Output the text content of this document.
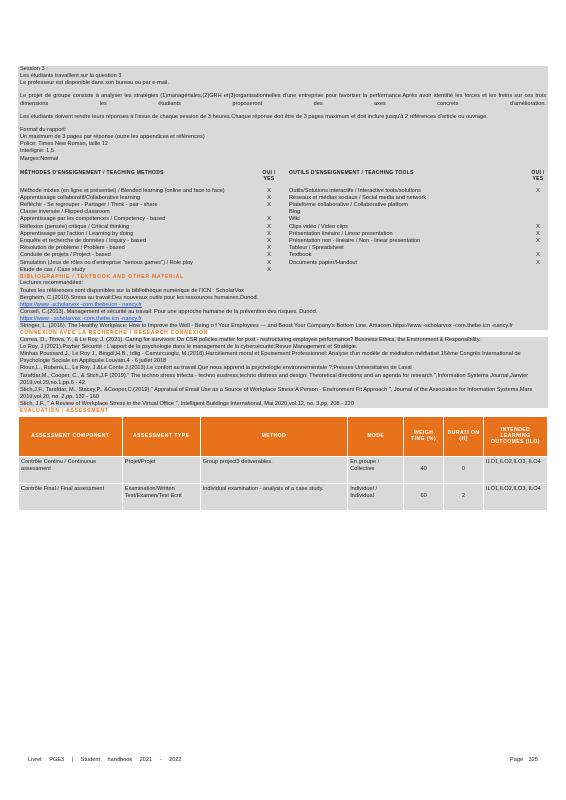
Session 3 :

Les étudiants travaillent sur la question 3

Le professeur est disponible dans son bureau ou par e-mail.

Le projet de groupe consiste à analyser les stratégies (1)managériales,(2)GRH et(3)organisationnelles d'une entreprise pour favoriser la performance.Après avoir identifié les forces et les freins sur ces trois dimensions les étudiants proposeront des axes concrets d'amélioration.

Les étudiants doivent rendre leurs réponses à l'issue de chaque session de 3 heures.Chaque réponse doit être de 3 pages maximum et doit inclure jusqu'à 2 références d'article ou ouvrage.

Format du rapport:

Un maximum de 3 pages par réponse (outre les appendices et références)

Police: Times New Roman, taille 12

Interligne: 1,5

Marges:Normal

MÉTHODES D'ENSEIGNEMENT / TEACHING METHODS	OUI / YES
Méthode mixtes (en ligne et présentiel) / Blended learning (online and face to face)	X
Apprentissage collaboratif/Collaborative learning	X
Réfléchir - Se regrouper - Partager / Think - pair - share	X
Classe inversée / Flipped classroom
Apprentissage par les compétences / Competency - based	X
Réflexion (pensée) critique / Critical thinking	X
Apprentissage par l'action / Learning by doing	X
Enquête et recherche de données / Inquiry - based	X
Résolution de problème / Problem - based	X
Conduite de projets / Project - based	X
Simulation (Jeux de rôles ou d'entreprise "serious games") / Role play	X
Etude de cas / Case study	X
OUTILS D'ENSEIGNEMENT / TEACHING TOOLS	OUI / YES
Outils/Solutions interactifs / Interactive tools/solutions	X
Réseaux et médias sociaux / Social media and network
Plateforme collaborative / Collaborative platform
Blog
Wiki
Clips vidéo / Video clips	X
Présentation linéaire / Linear presentation	X
Présentation non - linéaire / Non - linear presentation	X
Tableur / Spreadsheet
Textbook	X
Documents papier/Handout	X

BIBLIOGRAPHIE / TEXTBOOK AND OTHER MATERIAL

Lectures recommandées:

Toutes les références sont disponibles sur la bibliothèque numérique de l'ICN : ScholarVox

Bergheim, C.(2010).Stress au travail:Des nouveaux outils pour les ressources humaines.Dunod.

https://www -scholarvox -com.thebe.icn - nancy.fr

Conseil, C.(2013). Management et sécurité au travail: Pour une approche humaine de la prévention des risques. Dunod.

https://www - scholarvox -com.thebe.icn -nancy.fr

Stringer, L. (2016). The Healthy Workplace: How to Improve the Well - Being o f Your Employees --- and Boost Your Company's Bottom Line. Amacom.https://www -scholarvox -com.thebe.icn -nancy.fr

CONNEXION AVEC LA RECHERCHE / RESEARCH CONNEXION

Correa, D., Titova, Y., & Le Roy, J. (2021). Caring for survivors: Do CSR policies matter for post - restructuring employee performance? Business Ethics, the Environment & Responsibility.

Le Roy, J (2021).Psyber Sécurité : L'apport de la psychologie dans le management de la cybersécurité.Revue Management et Stratégie.

Minhas Poussard,J., Le Roy J., Bingöl,H.B., Idlig - Camurcuoglu, M.(2018).Harcèlement moral et Epuisement Professionnel: Analyse d'un modèle de médiation médiatisé.16ème Congrès International de Psychologie Sociale en Appliquée.Louvain,4 - 6 juillet 2018

Rioux,L., Rubens,L., Le Roy, J.&Le Conte J.(2013).Le confort au travail.Que nous apprend la psychologie environnementale ?,Presses Universitaires de Laval

Tarafdar,M., Cooper, C., & Stich,J.F (2019)." The techno stress trifecta - techno eustress,techno distress and design: Theoretical directions and an agenda for research ",Information Systems Journal,Janvier 2019,vol.29,no.1,pp.6 - 42

Stich,J.F., Tarafdar, M., Stacey,P., &Cooper,C.(2019)." Appraisal of Email Use as a Source of Workplace Stress:A Person - Environment Fit Approach ", Journal of the Association for Information Systems,Mars 2019,vol.20, no. 2,pp. 132 - 160

Stich, J.F., " A Review of Workplace Stress in the Virtual Office ", Intelligent Buildings International, Mai 2020,vol.12, no. 3,pp. 208 - 220

EVALUATION / ASSESSMENT

ASSESSMENT COMPONENT	ASSESSMENT TYPE	METHOD	MODE	WEIGH TING (%)	DURATI ON (H)	INTENDED LEARNING OUTCOMES (ILO)
Contrôle Continu / Continuous assessment	Projet/Projet	Group project3 deliverables.	En groupe / Collective	40	0	ILO1,ILO2,ILO3, ILO4
Contrôle Final / Final assessment	Examination/Written Test/Examen/Test Ecrit	Individual examination - analysis of a case study.	Individuel / Individual	60	2	ILO1,ILO2,ILO3, ILO4
Livret PGE3 | Student handbook 2021 - 2022	Page 325
